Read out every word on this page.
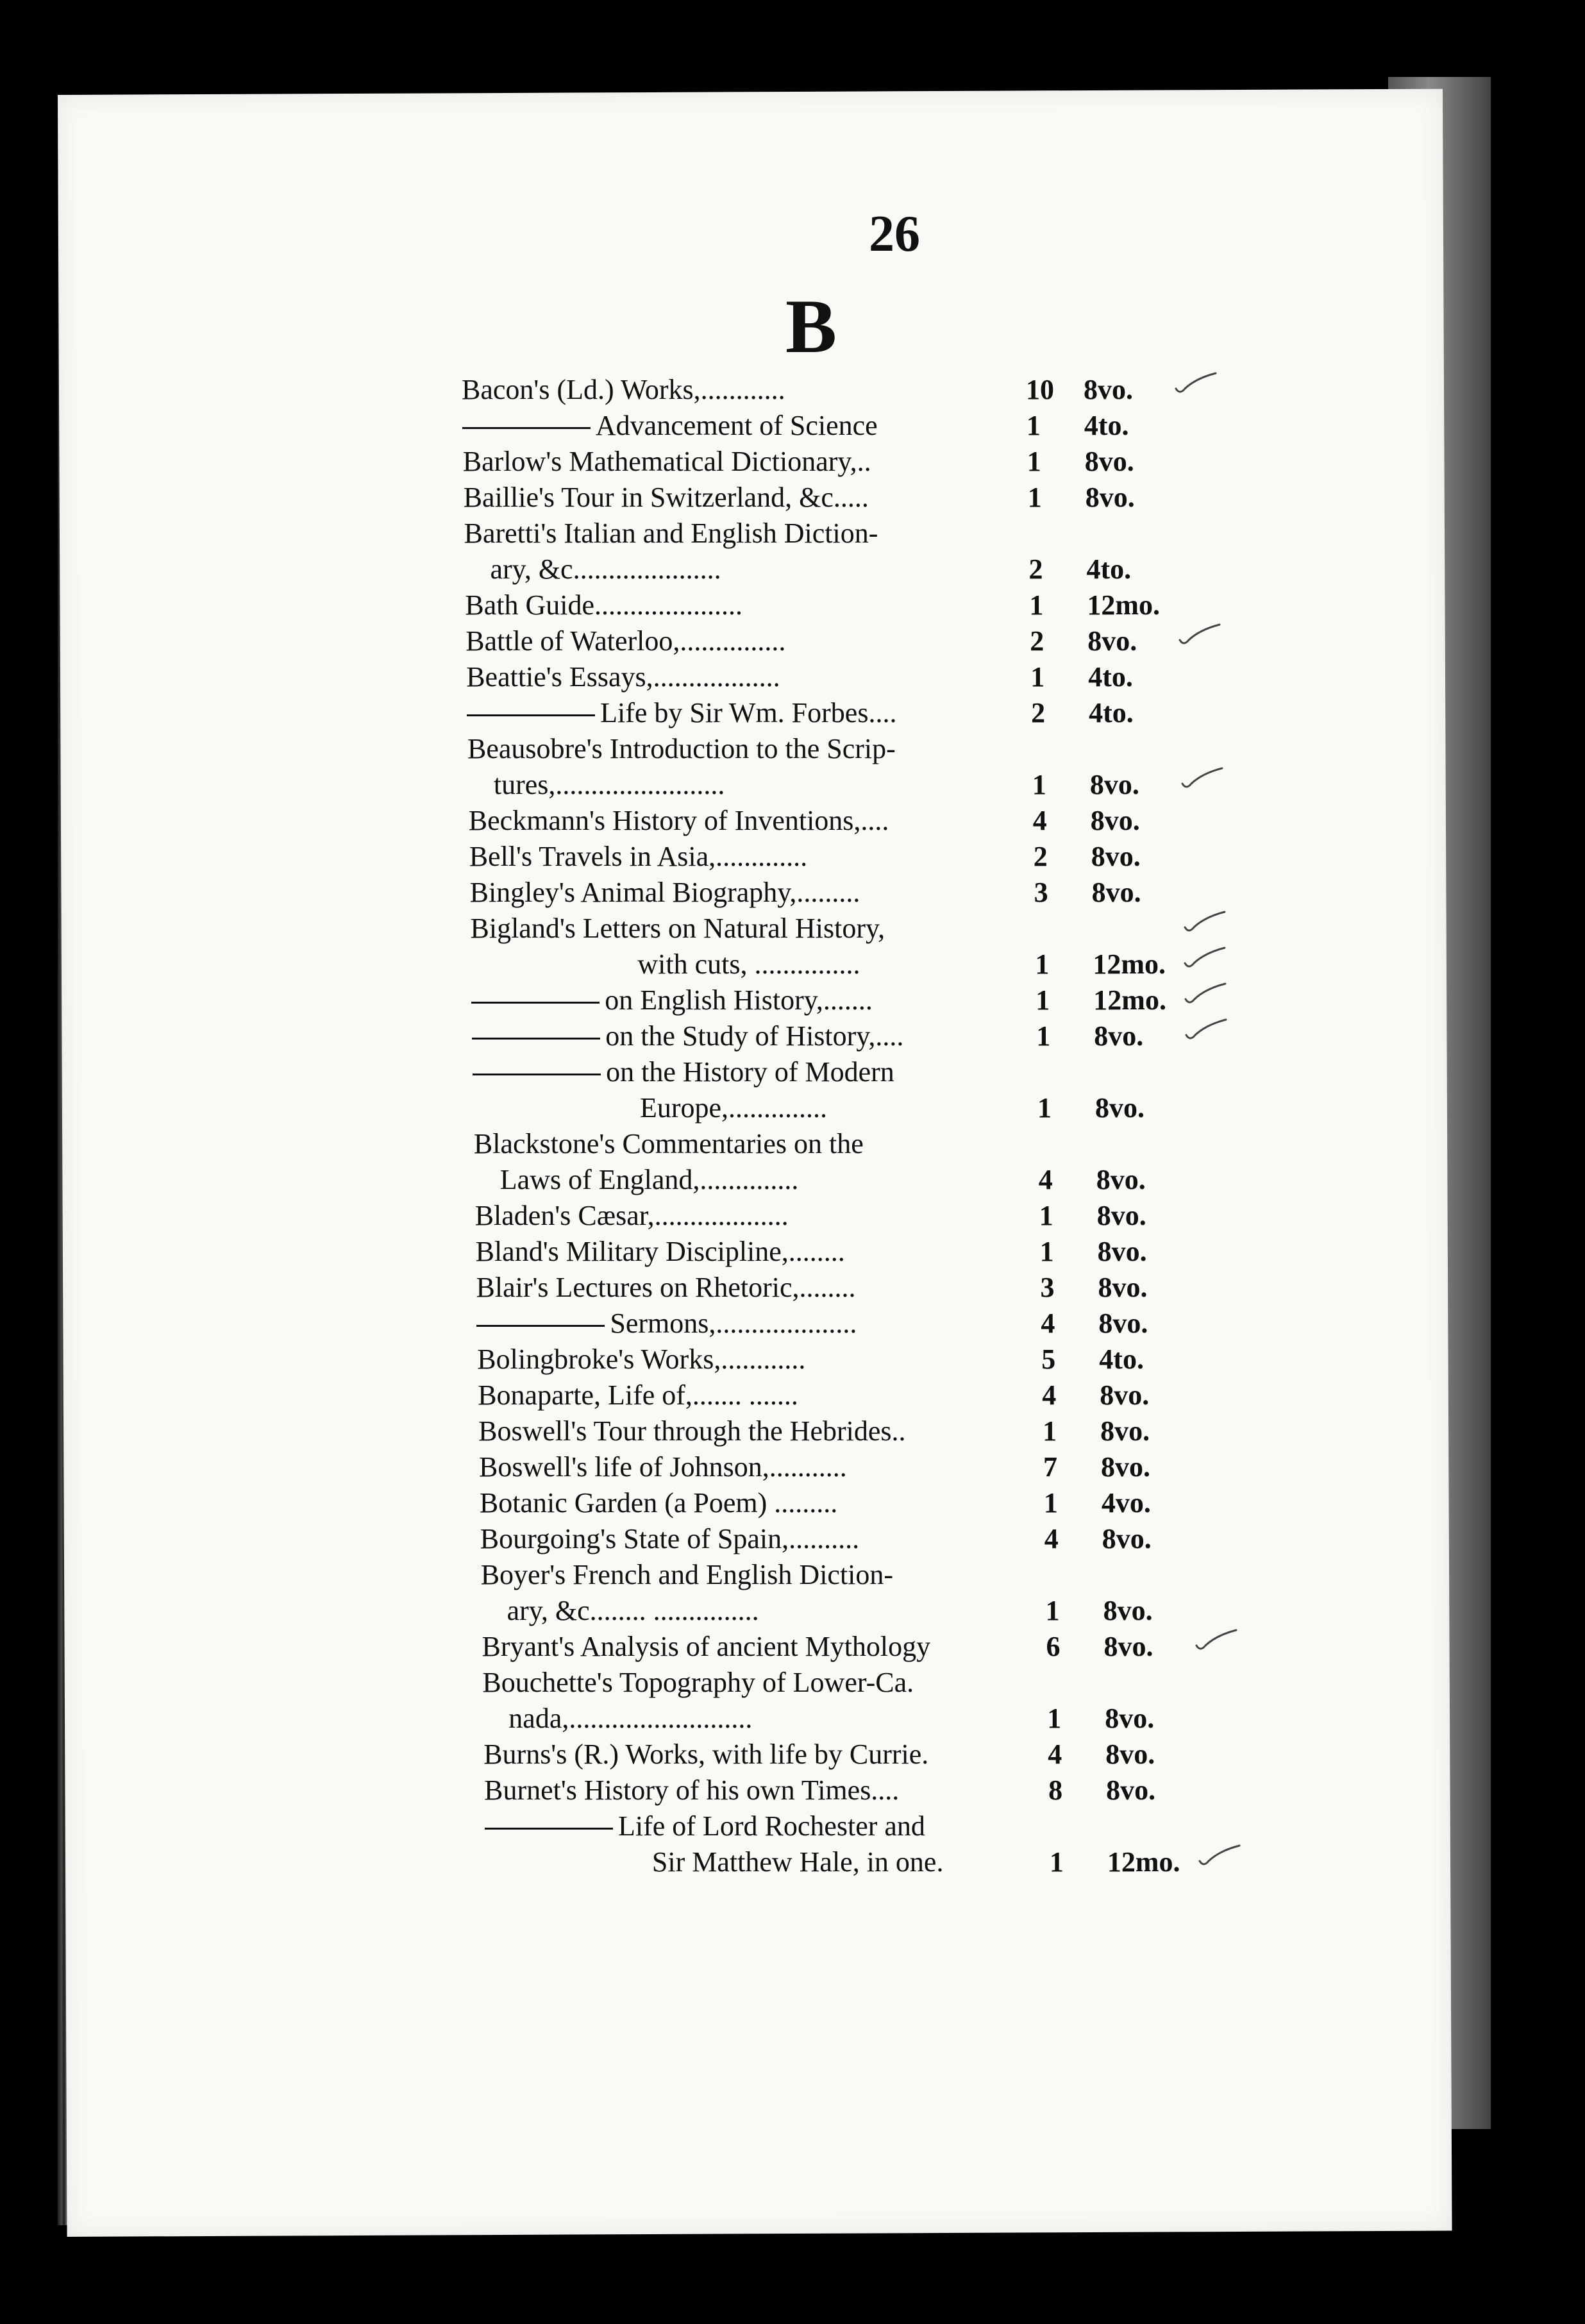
26
B
Bacon's (Ld.) Works,............	10 8vo.
Advancement of Science	1 4to.
Barlow's Mathematical Dictionary,..	1 8vo.
Baillie's Tour in Switzerland, &c.....	1 8vo.
Baretti's Italian and English Diction-
ary, &c.....................	2 4to.
Bath Guide.....................	1 12mo.
Battle of Waterloo,...............	2 8vo.
Beattie's Essays,..................	1 4to.
Life by Sir Wm. Forbes....	2 4to.
Beausobre's Introduction to the Scrip-
tures,........................	1 8vo.
Beckmann's History of Inventions,....	4 8vo.
Bell's Travels in Asia,.............	2 8vo.
Bingley's Animal Biography,.........	3 8vo.
Bigland's Letters on Natural History,
with cuts, ...............	1 12mo.
on English History,.......	1 12mo.
on the Study of History,....	1 8vo.
on the History of Modern
Europe,..............	1 8vo.
Blackstone's Commentaries on the
Laws of England,..............	4 8vo.
Bladen's Cæsar,...................	1 8vo.
Bland's Military Discipline,........	1 8vo.
Blair's Lectures on Rhetoric,........	3 8vo.
Sermons,....................	4 8vo.
Bolingbroke's Works,............	5 4to.
Bonaparte, Life of,....... .......	4 8vo.
Boswell's Tour through the Hebrides..	1 8vo.
Boswell's life of Johnson,...........	7 8vo.
Botanic Garden (a Poem) .........	1 4vo.
Bourgoing's State of Spain,..........	4 8vo.
Boyer's French and English Diction-
ary, &c........ ...............	1 8vo.
Bryant's Analysis of ancient Mythology	6 8vo.
Bouchette's Topography of Lower-Ca.
nada,..........................	1 8vo.
Burns's (R.) Works, with life by Currie.	4 8vo.
Burnet's History of his own Times....	8 8vo.
Life of Lord Rochester and
Sir Matthew Hale, in one.	1 12mo.
